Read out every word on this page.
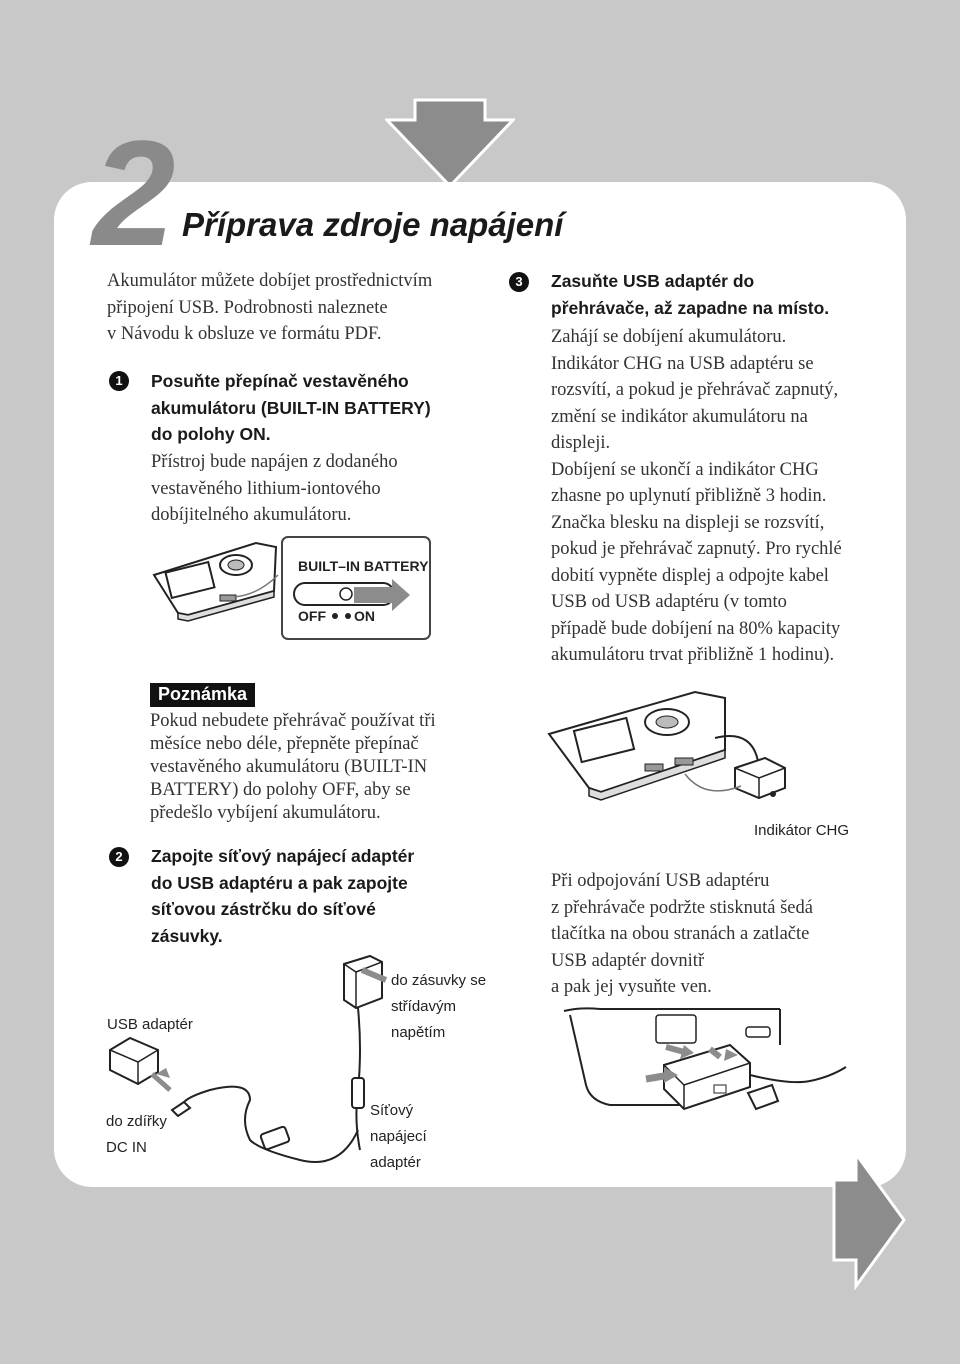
2 Příprava zdroje napájení
Akumulátor můžete dobíjet prostřednictvím
připojení USB. Podrobnosti naleznete
v Návodu k obsluze ve formátu PDF.
1	Posuňte přepínač vestavěného
akumulátoru (BUILT-IN BATTERY)
do polohy ON.
Přístroj bude napájen z dodaného
vestavěného lithium-iontového
dobíjitelného akumulátoru.
BUILT–IN BATTERY
OFF ON
Poznámka
Pokud nebudete přehrávač používat tři
měsíce nebo déle, přepněte přepínač
vestavěného akumulátoru (BUILT-IN
BATTERY) do polohy OFF, aby se
předešlo vybíjení akumulátoru.
2	Zapojte síťový napájecí adaptér
do USB adaptéru a pak zapojte
síťovou zástrčku do síťové
zásuvky.
USB adaptér
do zásuvky se
střídavým
napětím
do zdířky
DC IN
Síťový
napájecí
adaptér
3	Zasuňte USB adaptér do
přehrávače, až zapadne na místo.
Zahájí se dobíjení akumulátoru.
Indikátor CHG na USB adaptéru se
rozsvítí, a pokud je přehrávač zapnutý,
změní se indikátor akumulátoru na
displeji.
Dobíjení se ukončí a indikátor CHG
zhasne po uplynutí přibližně 3 hodin.
Značka blesku na displeji se rozsvítí,
pokud je přehrávač zapnutý. Pro rychlé
dobití vypněte displej a odpojte kabel
USB od USB adaptéru (v tomto
případě bude dobíjení na 80% kapacity
akumulátoru trvat přibližně 1 hodinu).
Indikátor CHG
Při odpojování USB adaptéru
z přehrávače podržte stisknutá šedá
tlačítka na obou stranách a zatlačte
USB adaptér dovnitř
a pak jej vysuňte ven.
